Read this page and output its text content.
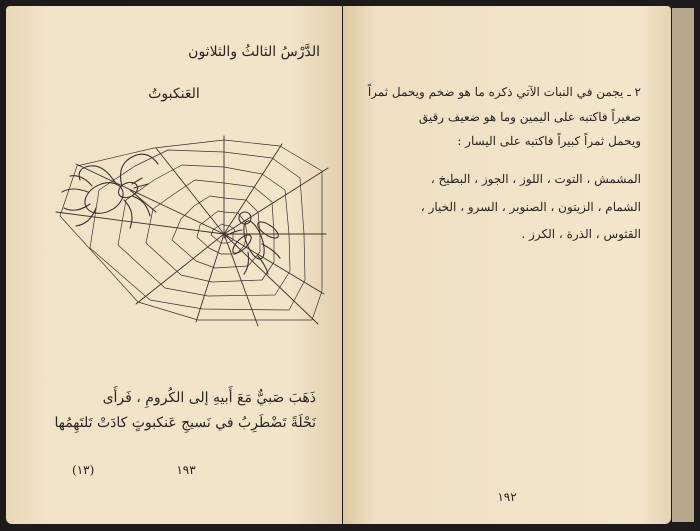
الدَّرْسُ الثالثُ والثلاثون
العَنكبوتُ
ذَهَبَ صَبيٌّ مَعَ أَبيهِ إلى الكُرومِ ، فَرأَى
نَحْلَةً تَضْطَرِبُ في نَسيجِ عَنكبوتٍ كادَتْ تَلتَهِمُها
(١٣)	١٩٣
٢ ـ يجمن في النبات الآتي ذكره ما هو ضخم ويحمل ثمراً
صغيراً فاكتبه على اليمين وما هو ضعيف رقيق
ويحمل ثمراً كبيراً فاكتبه على اليسار :
المشمش ، التوت ، اللوز ، الجوز ، البطيخ ،
الشمام ، الزيتون ، الصنوبر ، السرو ، الخيار ،
القثوس ، الذرة ، الكرز .
١٩٢
